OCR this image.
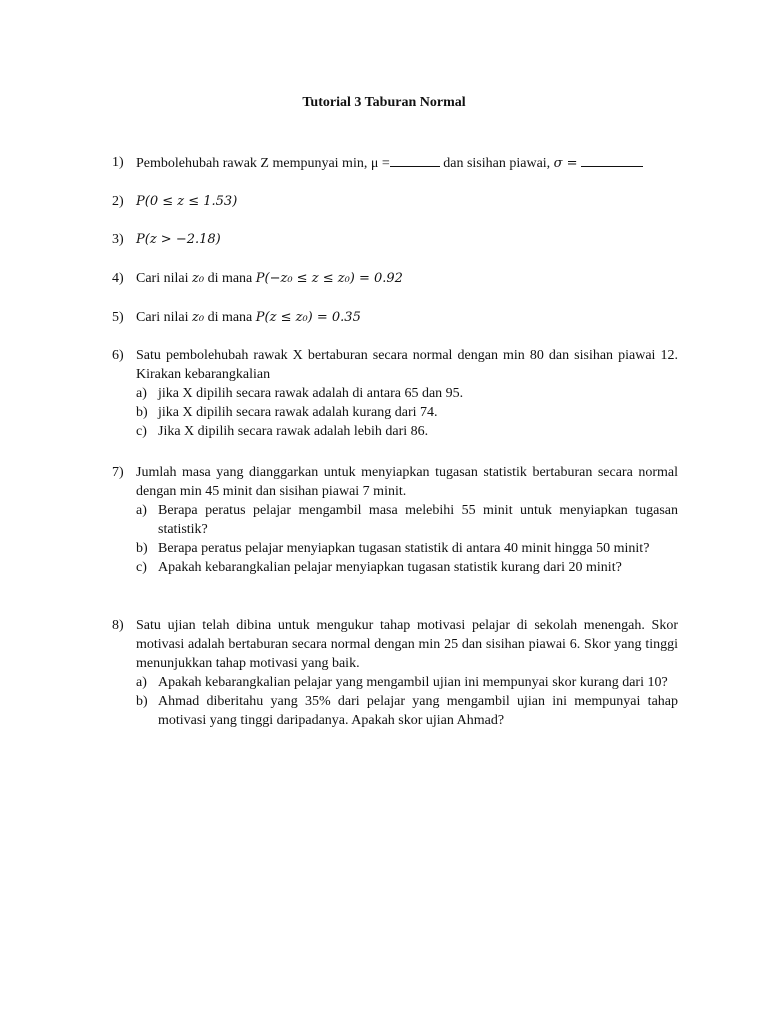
Tutorial 3 Taburan Normal
1) Pembolehubah rawak Z mempunyai min, μ =	dan sisihan piawai, σ =
2) P(0 ≤ z ≤ 1.53)
3) P(z > −2.18)
4) Cari nilai z₀ di mana P(−z₀ ≤ z ≤ z₀) = 0.92
5) Cari nilai z₀ di mana P(z ≤ z₀) = 0.35
6) Satu pembolehubah rawak X bertaburan secara normal dengan min 80 dan sisihan piawai 12. Kirakan kebarangkalian
a) jika X dipilih secara rawak adalah di antara 65 dan 95.
b) jika X dipilih secara rawak adalah kurang dari 74.
c) Jika X dipilih secara rawak adalah lebih dari 86.
7) Jumlah masa yang dianggarkan untuk menyiapkan tugasan statistik bertaburan secara normal dengan min 45 minit dan sisihan piawai 7 minit.
a) Berapa peratus pelajar mengambil masa melebihi 55 minit untuk menyiapkan tugasan statistik?
b) Berapa peratus pelajar menyiapkan tugasan statistik di antara 40 minit hingga 50 minit?
c) Apakah kebarangkalian pelajar menyiapkan tugasan statistik kurang dari 20 minit?
8) Satu ujian telah dibina untuk mengukur tahap motivasi pelajar di sekolah menengah. Skor motivasi adalah bertaburan secara normal dengan min 25 dan sisihan piawai 6. Skor yang tinggi menunjukkan tahap motivasi yang baik.
a) Apakah kebarangkalian pelajar yang mengambil ujian ini mempunyai skor kurang dari 10?
b) Ahmad diberitahu yang 35% dari pelajar yang mengambil ujian ini mempunyai tahap motivasi yang tinggi daripadanya. Apakah skor ujian Ahmad?
